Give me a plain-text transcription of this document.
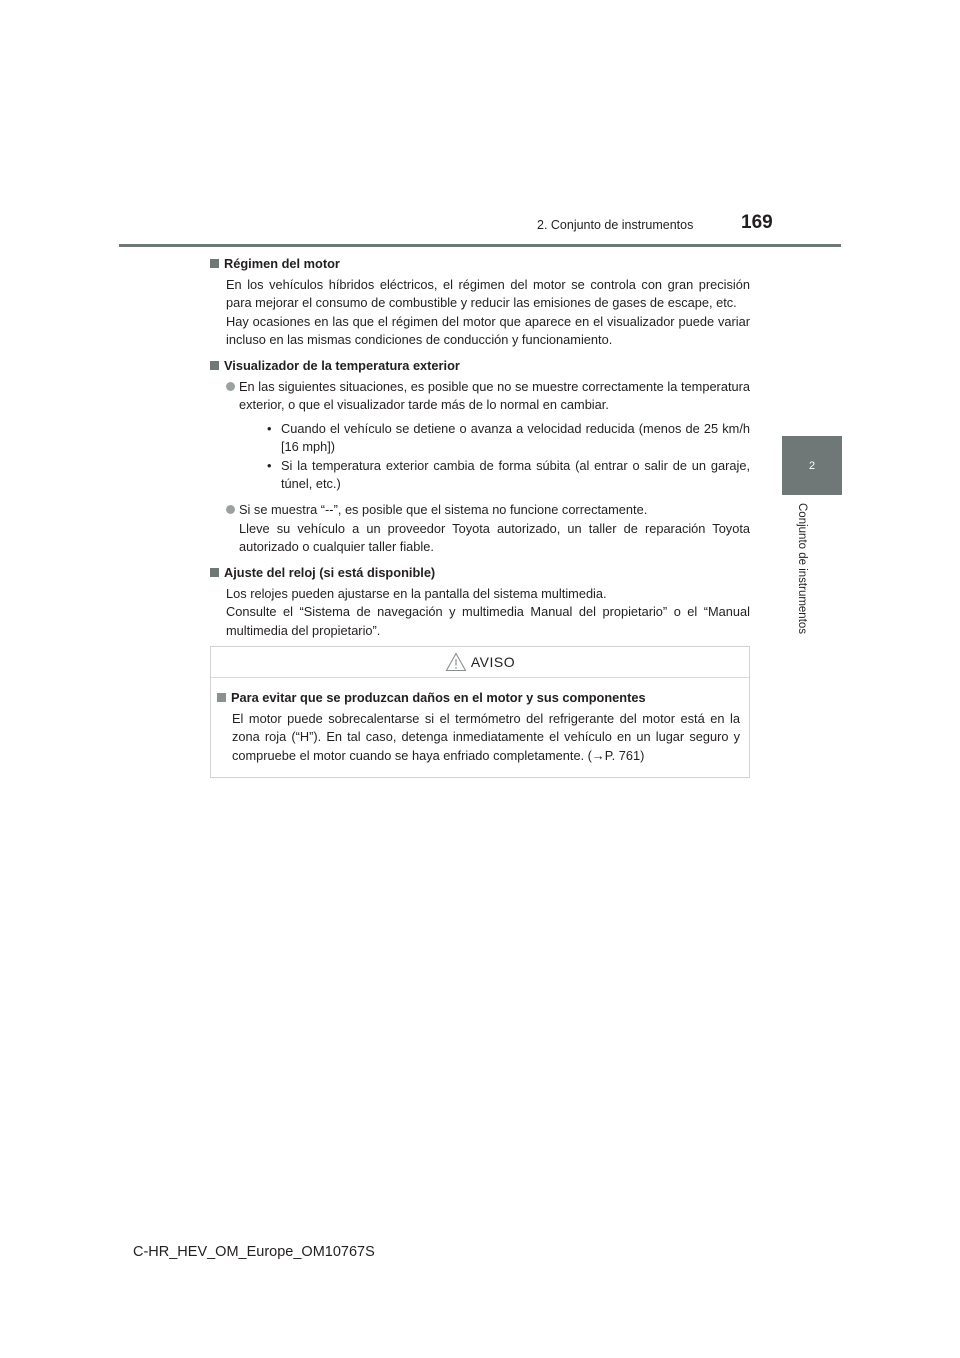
2. Conjunto de instrumentos	169
2
Conjunto de instrumentos
Régimen del motor

En los vehículos híbridos eléctricos, el régimen del motor se controla con gran precisión para mejorar el consumo de combustible y reducir las emisiones de gases de escape, etc.

Hay ocasiones en las que el régimen del motor que aparece en el visualizador puede variar incluso en las mismas condiciones de conducción y funcionamiento.

Visualizador de la temperatura exterior

En las siguientes situaciones, es posible que no se muestre correctamente la temperatura exterior, o que el visualizador tarde más de lo normal en cambiar.

• Cuando el vehículo se detiene o avanza a velocidad reducida (menos de 25 km/h [16 mph])
• Si la temperatura exterior cambia de forma súbita (al entrar o salir de un garaje, túnel, etc.)

Si se muestra “--”, es posible que el sistema no funcione correctamente.

Lleve su vehículo a un proveedor Toyota autorizado, un taller de reparación Toyota autorizado o cualquier taller fiable.

Ajuste del reloj (si está disponible)

Los relojes pueden ajustarse en la pantalla del sistema multimedia.

Consulte el “Sistema de navegación y multimedia Manual del propietario” o el “Manual multimedia del propietario”.

AVISO
Para evitar que se produzcan daños en el motor y sus componentes

El motor puede sobrecalentarse si el termómetro del refrigerante del motor está en la zona roja (“H”). En tal caso, detenga inmediatamente el vehículo en un lugar seguro y compruebe el motor cuando se haya enfriado completamente. (→P. 761)

C-HR_HEV_OM_Europe_OM10767S
